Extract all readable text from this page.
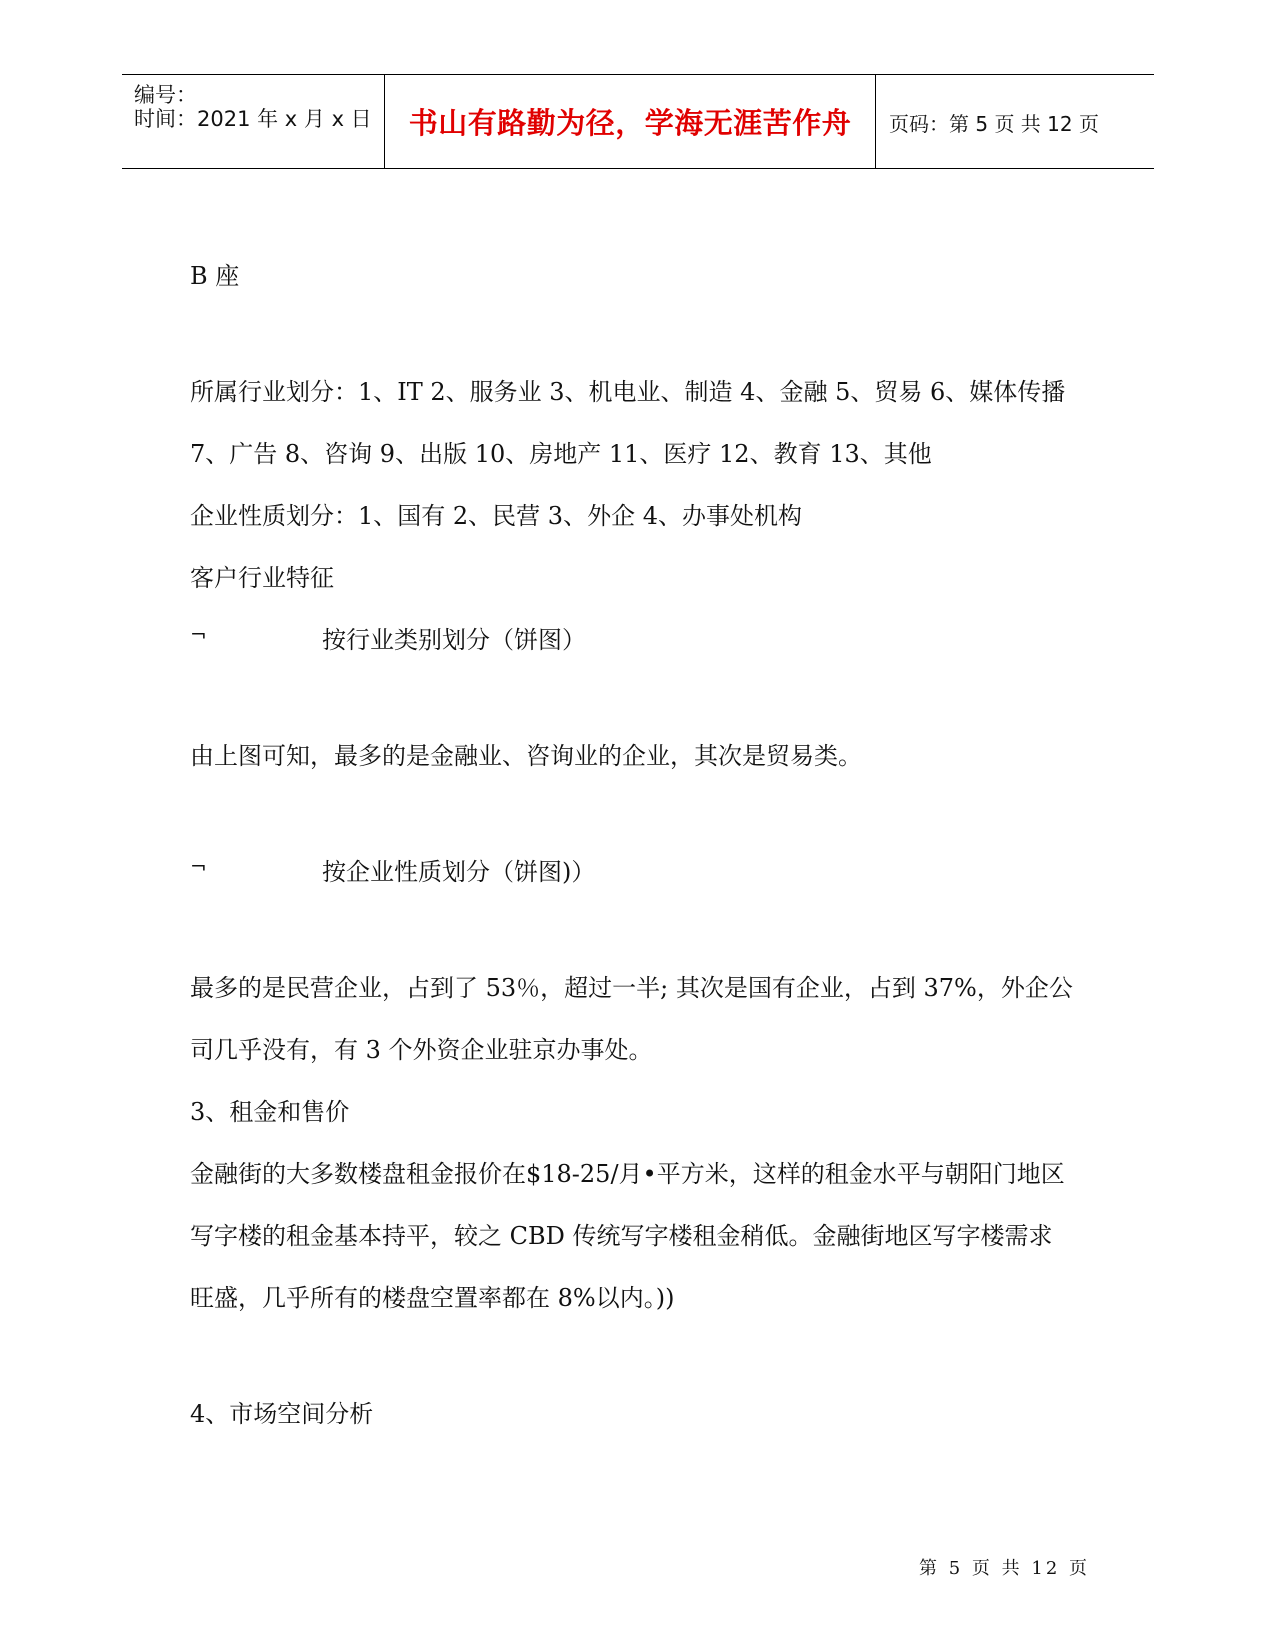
编号：
时间：2021 年 x 月 x 日	书山有路勤为径，学海无涯苦作舟	页码：第 5 页 共 12 页
B 座
所属行业划分：1、IT 2、服务业 3、机电业、制造 4、金融 5、贸易 6、媒体传播
7、广告 8、咨询 9、出版 10、房地产 11、医疗 12、教育 13、其他
企业性质划分：1、国有 2、民营 3、外企 4、办事处机构
客户行业特征
¬	按行业类别划分（饼图）
由上图可知，最多的是金融业、咨询业的企业，其次是贸易类。
¬	按企业性质划分（饼图)）
最多的是民营企业，占到了 53％，超过一半; 其次是国有企业，占到 37%，外企公
司几乎没有，有 3 个外资企业驻京办事处。
3、租金和售价
金融街的大多数楼盘租金报价在$18-25/月•平方米，这样的租金水平与朝阳门地区
写字楼的租金基本持平，较之 CBD 传统写字楼租金稍低。金融街地区写字楼需求
旺盛，几乎所有的楼盘空置率都在 8%以内。))
4、市场空间分析
第 5 页 共 12 页
